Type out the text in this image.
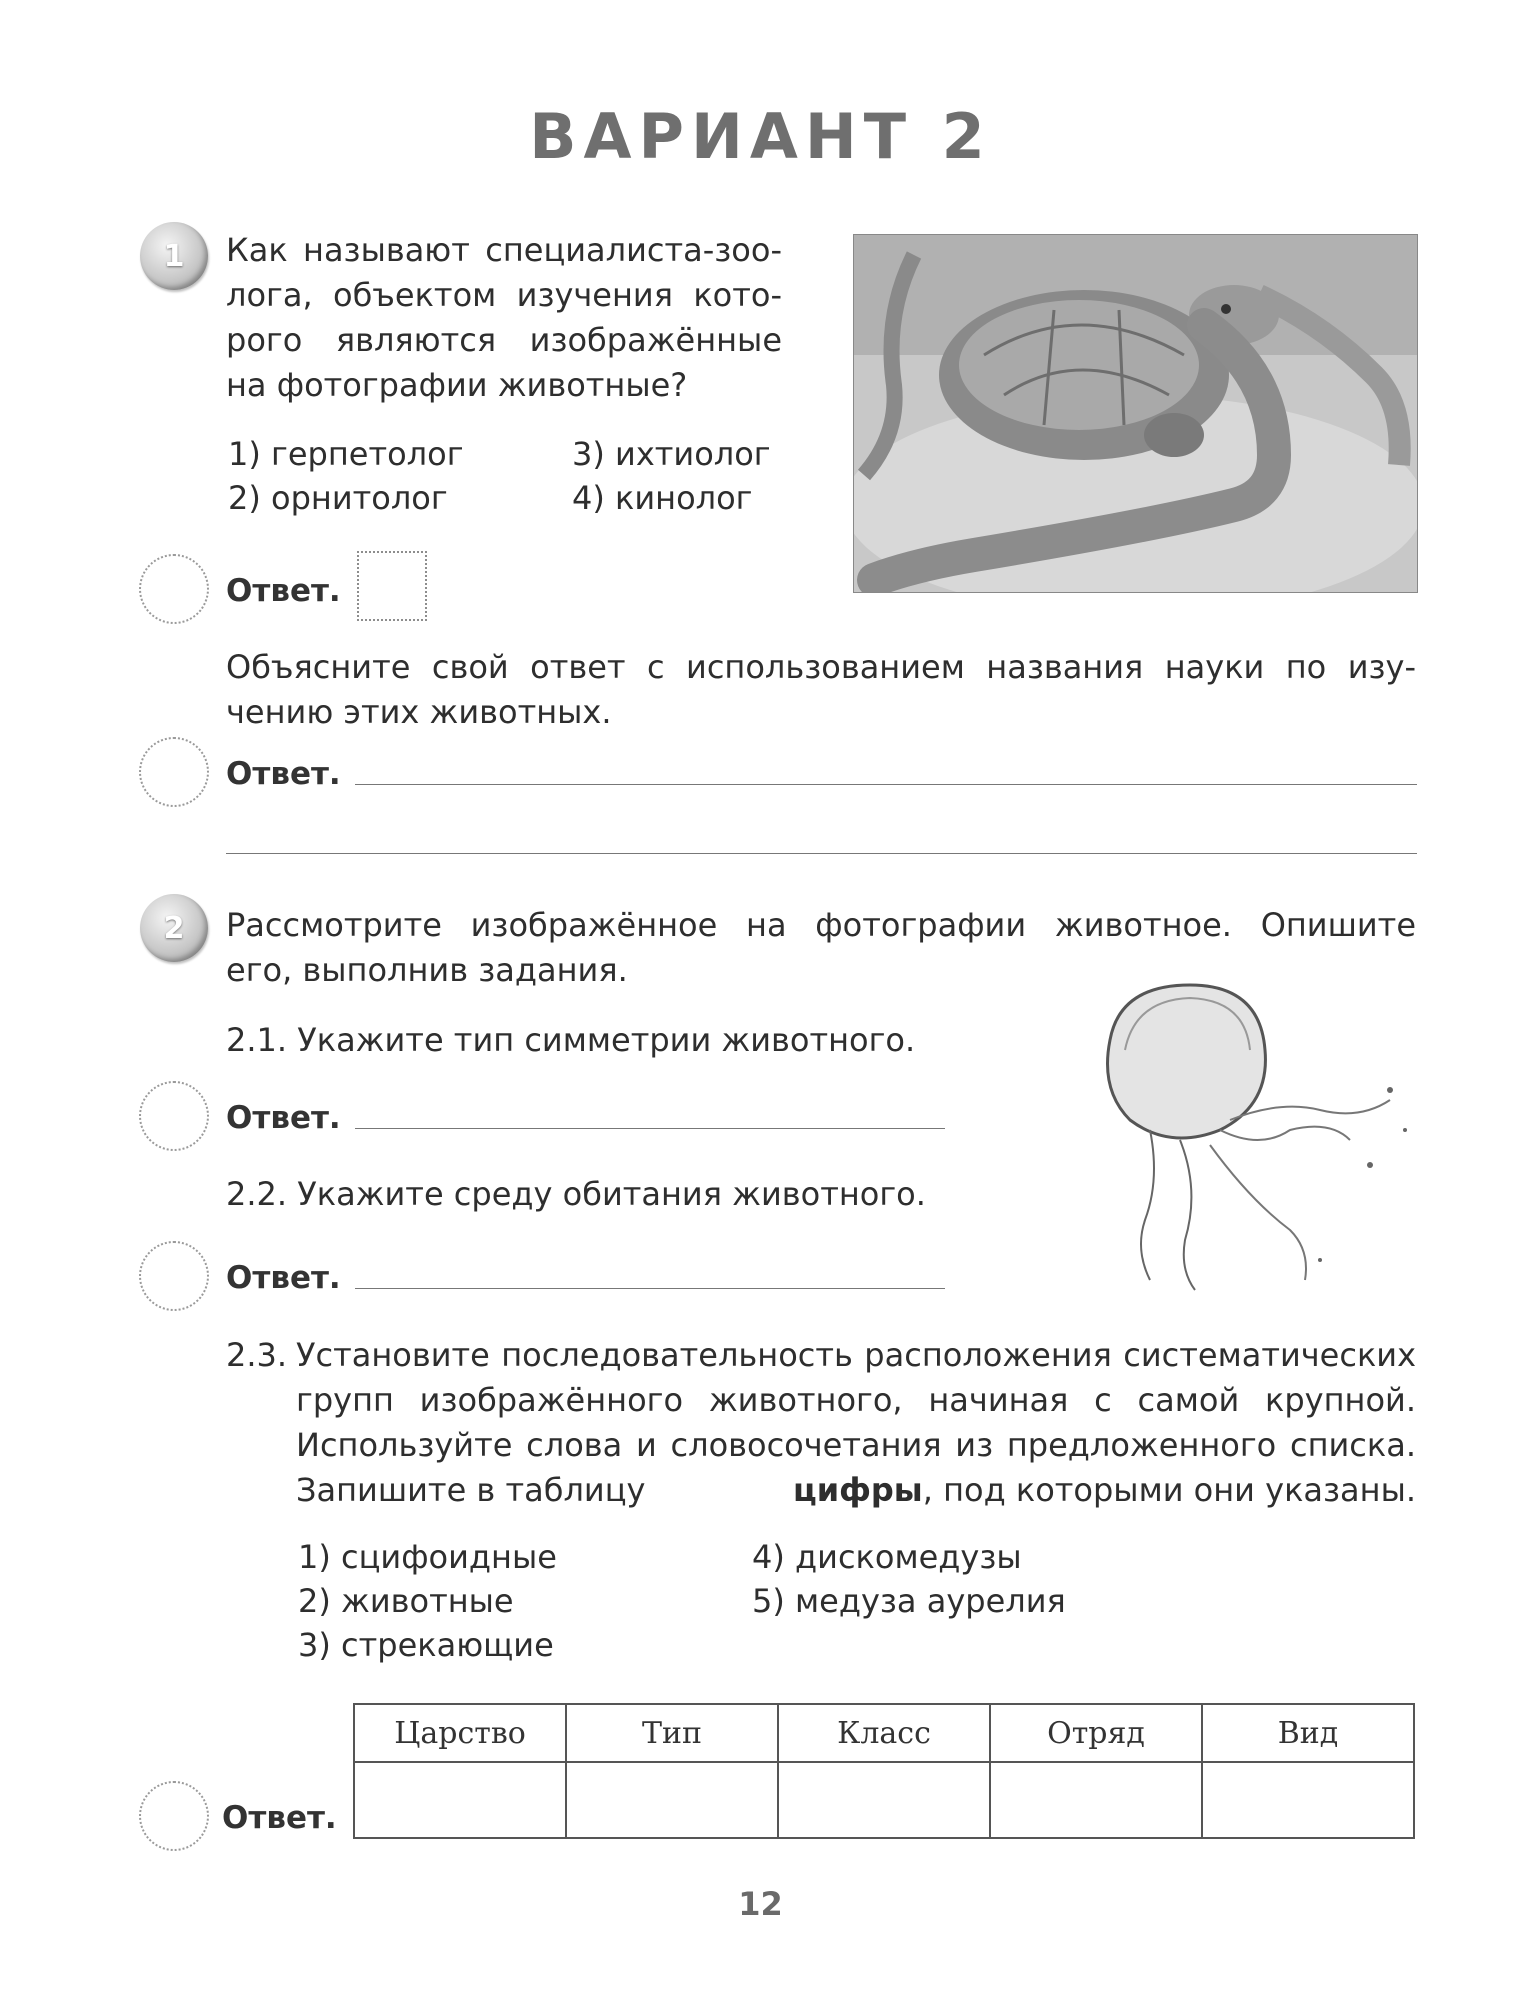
ВАРИАНТ 2
1 Как называют специалиста-зоо-
лога, объектом изучения кото-
рого являются изображённые
на фотографии животные?
1) герпетолог	3) ихтиолог
2) орнитолог	4) кинолог
Ответ.
Объясните свой ответ с использованием названия науки по изу-
чению этих животных.
Ответ.
2 Рассмотрите изображённое на фотографии животное. Опишите
его, выполнив задания.
2.1. Укажите тип симметрии животного.
Ответ.
2.2. Укажите среду обитания животного.
Ответ.
2.3. Установите последовательность расположения систематических
групп изображённого животного, начиная с самой крупной.
Используйте слова и словосочетания из предложенного списка.
Запишите в таблицу	цифры, под которыми они указаны.
1) сцифоидные	4) дискомедузы
2) животные	5) медуза аурелия
3) стрекающие
Царство	Тип	Класс	Отряд	Вид

Ответ.
12
